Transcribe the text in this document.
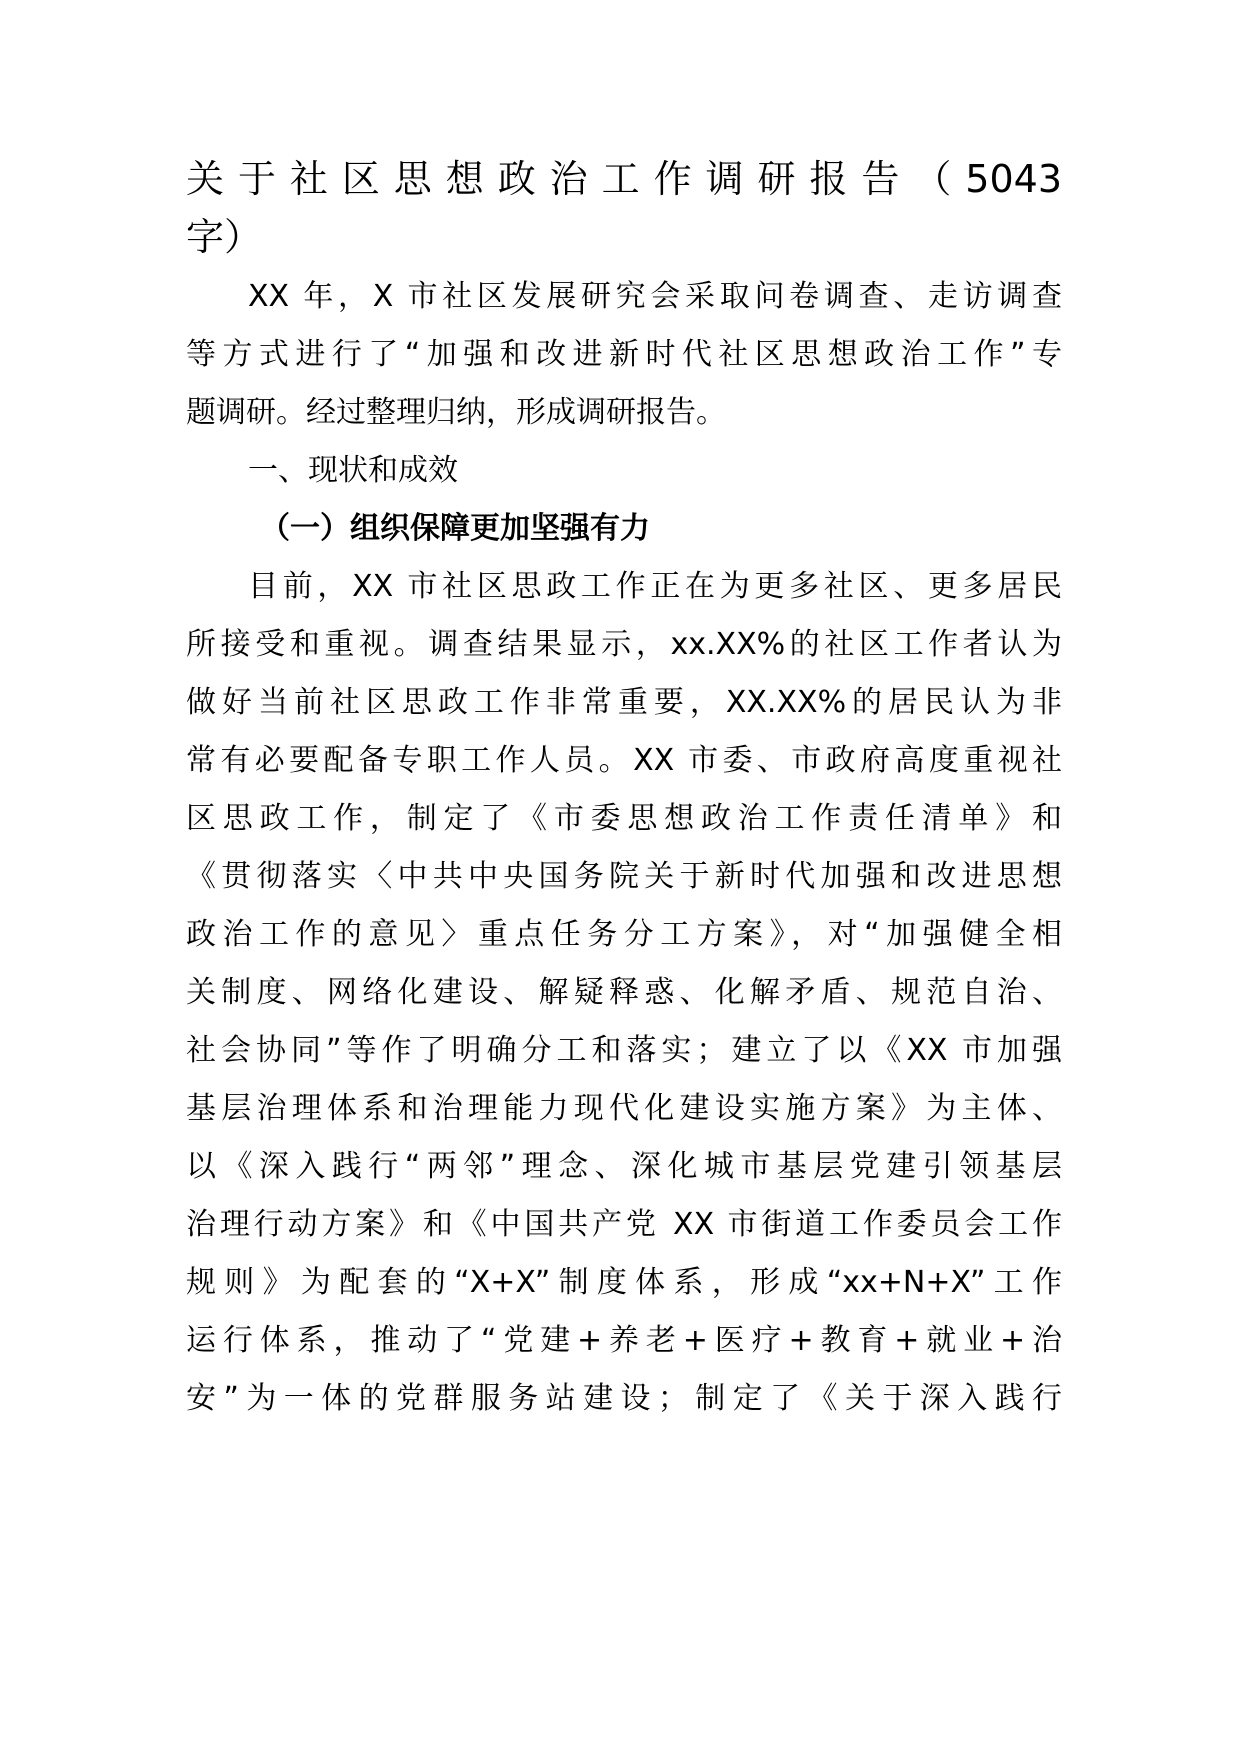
关于社区思想政治工作调研报告（5043
字）
XX 年，X 市社区发展研究会采取问卷调查、走访调查
等方式进行了“加强和改进新时代社区思想政治工作”专
题调研。经过整理归纳，形成调研报告。
一、现状和成效
（一）组织保障更加坚强有力
目前，XX 市社区思政工作正在为更多社区、更多居民
所接受和重视。调查结果显示，xx.XX%的社区工作者认为
做好当前社区思政工作非常重要，XX.XX%的居民认为非
常有必要配备专职工作人员。XX 市委、市政府高度重视社
区思政工作，制定了《市委思想政治工作责任清单》和
《贯彻落实〈中共中央国务院关于新时代加强和改进思想
政治工作的意见〉重点任务分工方案》，对“加强健全相
关制度、网络化建设、解疑释惑、化解矛盾、规范自治、
社会协同”等作了明确分工和落实；建立了以《XX 市加强
基层治理体系和治理能力现代化建设实施方案》为主体、
以《深入践行“两邻”理念、深化城市基层党建引领基层
治理行动方案》和《中国共产党 XX 市街道工作委员会工作
规则》为配套的“X+X”制度体系，形成“xx+N+X”工作
运行体系，推动了“党建+养老+医疗+教育+就业+治
安”为一体的党群服务站建设；制定了《关于深入践行
